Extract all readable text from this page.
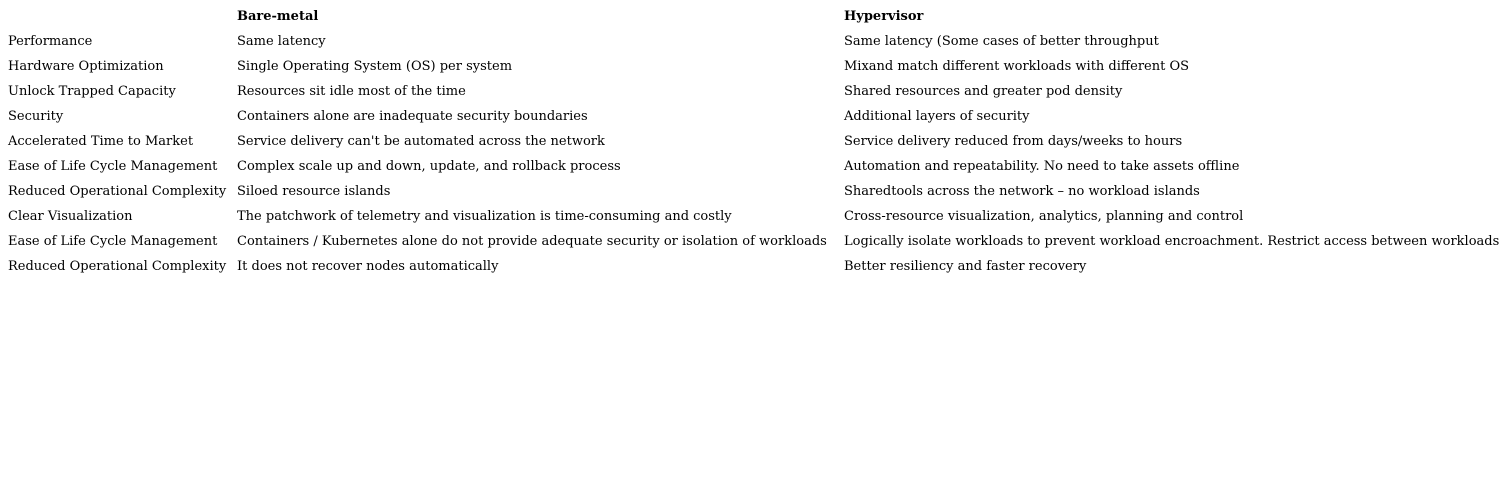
	Bare-metal	Hypervisor
Performance	Same latency	Same latency (Some cases of better throughput
Hardware Optimization	Single Operating System (OS) per system	Mixand match different workloads with different OS
Unlock Trapped Capacity	Resources sit idle most of the time	Shared resources and greater pod density
Security	Containers alone are inadequate security boundaries	Additional layers of security
Accelerated Time to Market	Service delivery can't be automated across the network	Service delivery reduced from days/weeks to hours
Ease of Life Cycle Management	Complex scale up and down, update, and rollback process	Automation and repeatability. No need to take assets offline
Reduced Operational Complexity	Siloed resource islands	Sharedtools across the network – no workload islands
Clear Visualization	The patchwork of telemetry and visualization is time-consuming and costly	Cross-resource visualization, analytics, planning and control
Ease of Life Cycle Management	Containers / Kubernetes alone do not provide adequate security or isolation of workloads	Logically isolate workloads to prevent workload encroachment. Restrict access between workloads
Reduced Operational Complexity	It does not recover nodes automatically	Better resiliency and faster recovery
